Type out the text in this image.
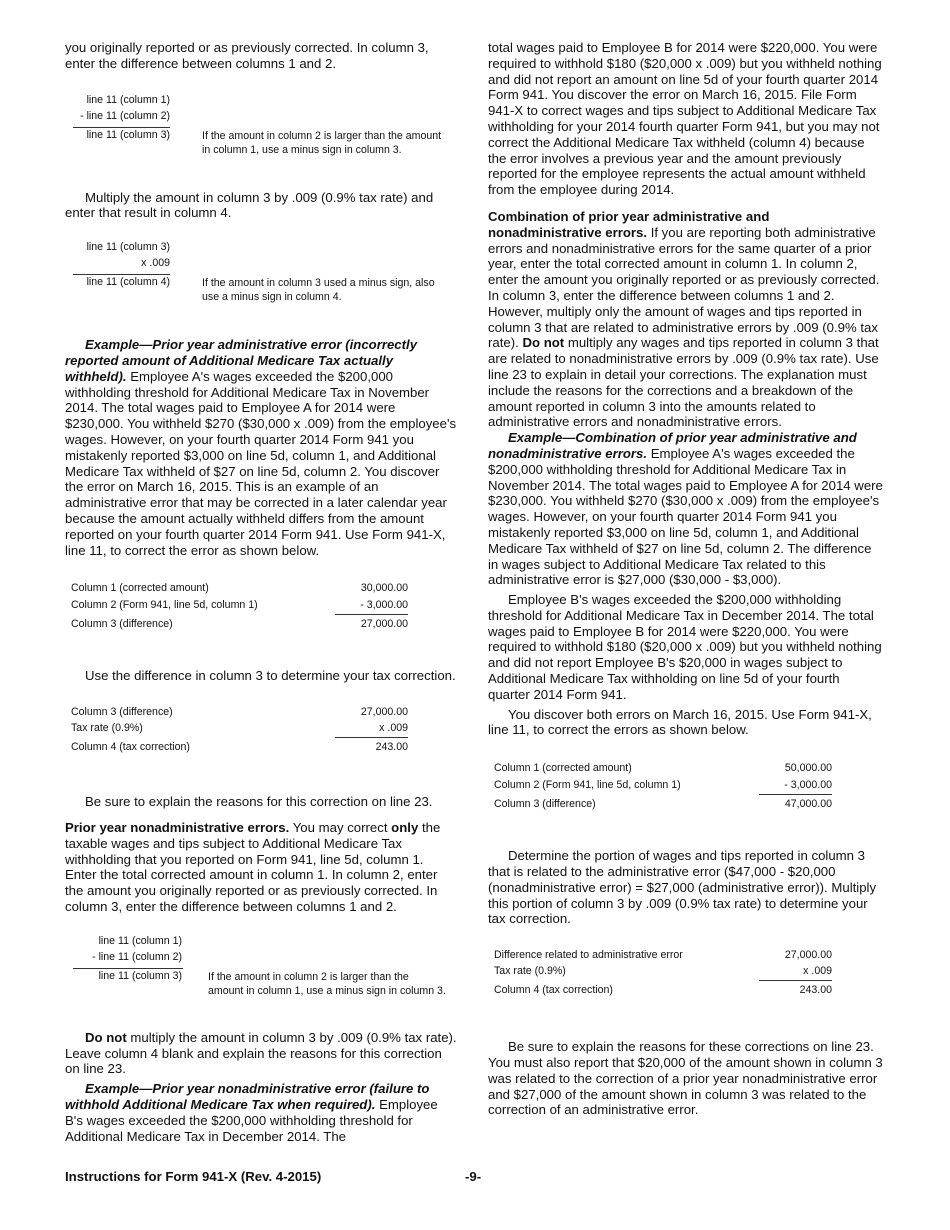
you originally reported or as previously corrected. In column 3, enter the difference between columns 1 and 2.

line 11 (column 1)
- line 11 (column 2)
line 11 (column 3)	If the amount in column 2 is larger than the amount
in column 1, use a minus sign in column 3.

Multiply the amount in column 3 by .009 (0.9% tax rate) and enter that result in column 4.

line 11 (column 3)
x .009
line 11 (column 4)	If the amount in column 3 used a minus sign, also
use a minus sign in column 4.

Example—Prior year administrative error (incorrectly reported amount of Additional Medicare Tax actually withheld). Employee A's wages exceeded the $200,000 withholding threshold for Additional Medicare Tax in November 2014. The total wages paid to Employee A for 2014 were $230,000. You withheld $270 ($30,000 x .009) from the employee's wages. However, on your fourth quarter 2014 Form 941 you mistakenly reported $3,000 on line 5d, column 1, and Additional Medicare Tax withheld of $27 on line 5d, column 2. You discover the error on March 16, 2015. This is an example of an administrative error that may be corrected in a later calendar year because the amount actually withheld differs from the amount reported on your fourth quarter 2014 Form 941. Use Form 941-X, line 11, to correct the error as shown below.

Column 1 (corrected amount)	30,000.00
Column 2 (Form 941, line 5d, column 1)	- 3,000.00
Column 3 (difference)	27,000.00

Use the difference in column 3 to determine your tax correction.

Column 3 (difference)	27,000.00
Tax rate (0.9%)	x .009
Column 4 (tax correction)	243.00

Be sure to explain the reasons for this correction on line 23.

Prior year nonadministrative errors. You may correct only the taxable wages and tips subject to Additional Medicare Tax withholding that you reported on Form 941, line 5d, column 1. Enter the total corrected amount in column 1. In column 2, enter the amount you originally reported or as previously corrected. In column 3, enter the difference between columns 1 and 2.

line 11 (column 1)
- line 11 (column 2)
line 11 (column 3) If the amount in column 2 is larger than the
amount in column 1, use a minus sign in column 3.

Do not multiply the amount in column 3 by .009 (0.9% tax rate). Leave column 4 blank and explain the reasons for this correction on line 23.

Example—Prior year nonadministrative error (failure to withhold Additional Medicare Tax when required). Employee B's wages exceeded the $200,000 withholding threshold for Additional Medicare Tax in December 2014. The

total wages paid to Employee B for 2014 were $220,000. You were required to withhold $180 ($20,000 x .009) but you withheld nothing and did not report an amount on line 5d of your fourth quarter 2014 Form 941. You discover the error on March 16, 2015. File Form 941-X to correct wages and tips subject to Additional Medicare Tax withholding for your 2014 fourth quarter Form 941, but you may not correct the Additional Medicare Tax withheld (column 4) because the error involves a previous year and the amount previously reported for the employee represents the actual amount withheld from the employee during 2014.

Combination of prior year administrative and nonadministrative errors. If you are reporting both administrative errors and nonadministrative errors for the same quarter of a prior year, enter the total corrected amount in column 1. In column 2, enter the amount you originally reported or as previously corrected. In column 3, enter the difference between columns 1 and 2. However, multiply only the amount of wages and tips reported in column 3 that are related to administrative errors by .009 (0.9% tax rate). Do not multiply any wages and tips reported in column 3 that are related to nonadministrative errors by .009 (0.9% tax rate). Use line 23 to explain in detail your corrections. The explanation must include the reasons for the corrections and a breakdown of the amount reported in column 3 into the amounts related to administrative errors and nonadministrative errors.

Example—Combination of prior year administrative and nonadministrative errors. Employee A's wages exceeded the $200,000 withholding threshold for Additional Medicare Tax in November 2014. The total wages paid to Employee A for 2014 were $230,000. You withheld $270 ($30,000 x .009) from the employee's wages. However, on your fourth quarter 2014 Form 941 you mistakenly reported $3,000 on line 5d, column 1, and Additional Medicare Tax withheld of $27 on line 5d, column 2. The difference in wages subject to Additional Medicare Tax related to this administrative error is $27,000 ($30,000 - $3,000).

Employee B's wages exceeded the $200,000 withholding threshold for Additional Medicare Tax in December 2014. The total wages paid to Employee B for 2014 were $220,000. You were required to withhold $180 ($20,000 x .009) but you withheld nothing and did not report Employee B's $20,000 in wages subject to Additional Medicare Tax withholding on line 5d of your fourth quarter 2014 Form 941.

You discover both errors on March 16, 2015. Use Form 941-X, line 11, to correct the errors as shown below.

Column 1 (corrected amount)	50,000.00
Column 2 (Form 941, line 5d, column 1)	- 3,000.00
Column 3 (difference)	47,000.00

Determine the portion of wages and tips reported in column 3 that is related to the administrative error ($47,000 - $20,000 (nonadministrative error) = $27,000 (administrative error)). Multiply this portion of column 3 by .009 (0.9% tax rate) to determine your tax correction.

Difference related to administrative error	27,000.00
Tax rate (0.9%)	x .009
Column 4 (tax correction)	243.00

Be sure to explain the reasons for these corrections on line 23. You must also report that $20,000 of the amount shown in column 3 was related to the correction of a prior year nonadministrative error and $27,000 of the amount shown in column 3 was related to the correction of an administrative error.

Instructions for Form 941-X (Rev. 4-2015)	-9-
